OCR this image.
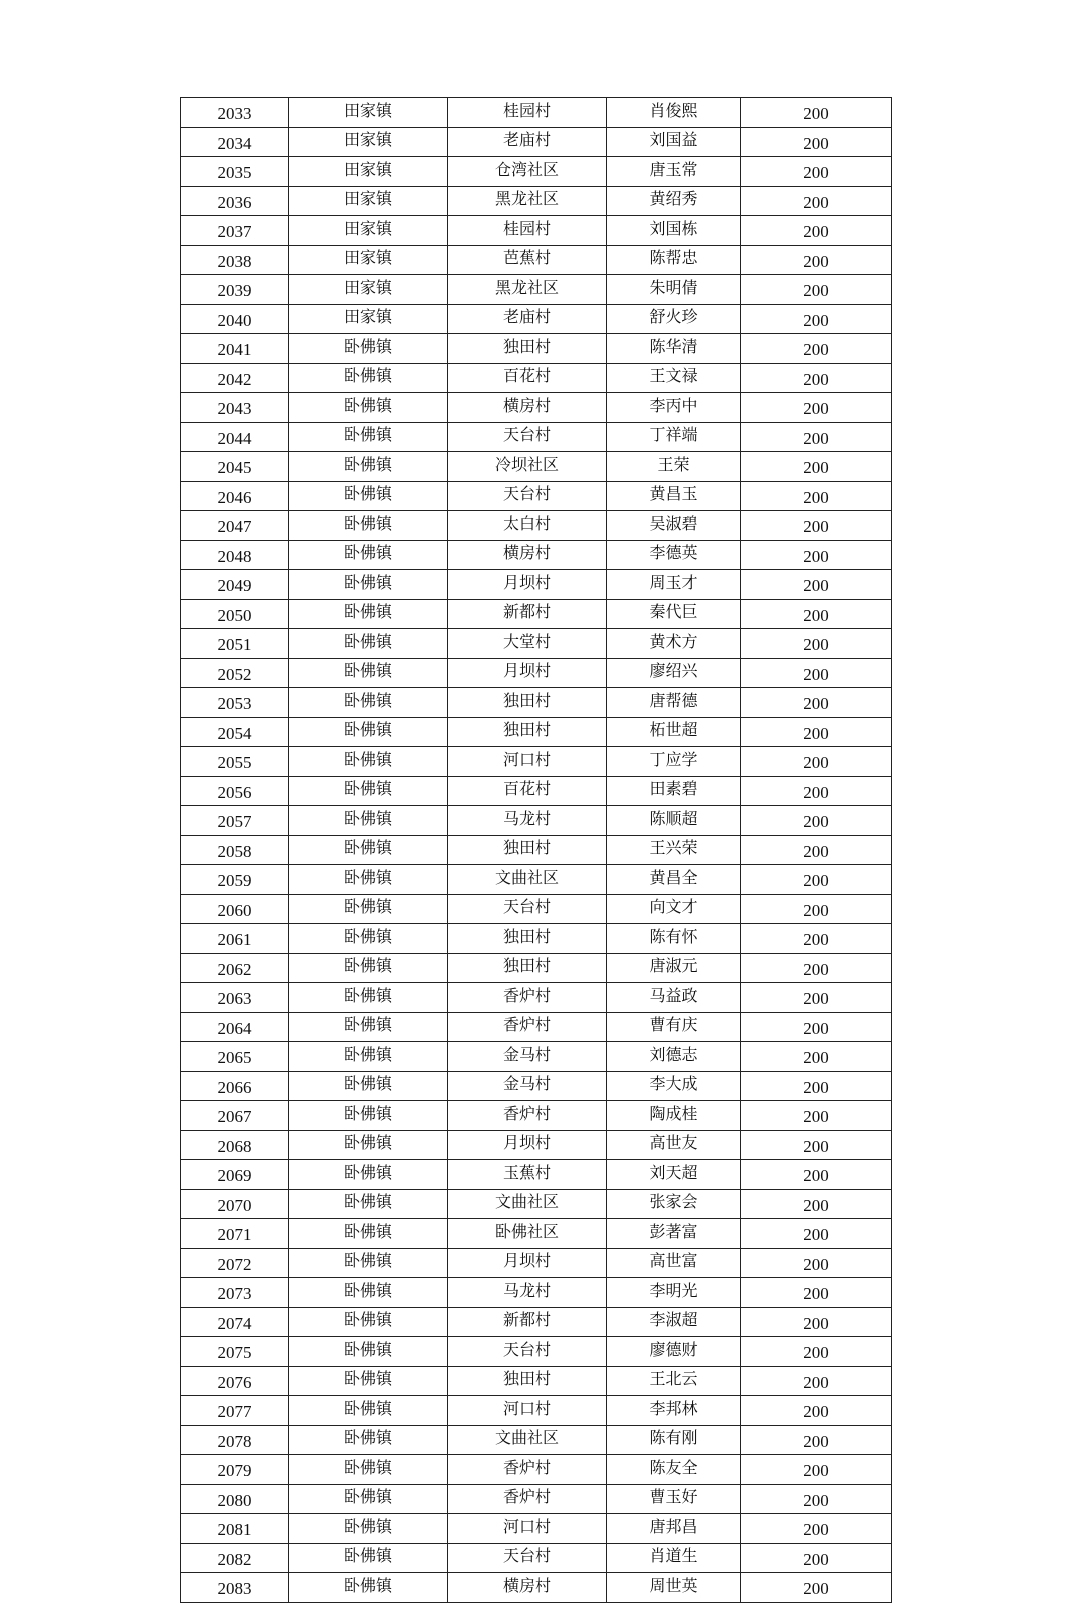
2033	田家镇	桂园村	肖俊熙	200
2034	田家镇	老庙村	刘国益	200
2035	田家镇	仓湾社区	唐玉常	200
2036	田家镇	黑龙社区	黄绍秀	200
2037	田家镇	桂园村	刘国栋	200
2038	田家镇	芭蕉村	陈帮忠	200
2039	田家镇	黑龙社区	朱明倩	200
2040	田家镇	老庙村	舒火珍	200
2041	卧佛镇	独田村	陈华清	200
2042	卧佛镇	百花村	王文禄	200
2043	卧佛镇	横房村	李丙中	200
2044	卧佛镇	天台村	丁祥端	200
2045	卧佛镇	冷坝社区	王荣	200
2046	卧佛镇	天台村	黄昌玉	200
2047	卧佛镇	太白村	吴淑碧	200
2048	卧佛镇	横房村	李德英	200
2049	卧佛镇	月坝村	周玉才	200
2050	卧佛镇	新都村	秦代巨	200
2051	卧佛镇	大堂村	黄术方	200
2052	卧佛镇	月坝村	廖绍兴	200
2053	卧佛镇	独田村	唐帮德	200
2054	卧佛镇	独田村	柘世超	200
2055	卧佛镇	河口村	丁应学	200
2056	卧佛镇	百花村	田素碧	200
2057	卧佛镇	马龙村	陈顺超	200
2058	卧佛镇	独田村	王兴荣	200
2059	卧佛镇	文曲社区	黄昌全	200
2060	卧佛镇	天台村	向文才	200
2061	卧佛镇	独田村	陈有怀	200
2062	卧佛镇	独田村	唐淑元	200
2063	卧佛镇	香炉村	马益政	200
2064	卧佛镇	香炉村	曹有庆	200
2065	卧佛镇	金马村	刘德志	200
2066	卧佛镇	金马村	李大成	200
2067	卧佛镇	香炉村	陶成桂	200
2068	卧佛镇	月坝村	高世友	200
2069	卧佛镇	玉蕉村	刘天超	200
2070	卧佛镇	文曲社区	张家会	200
2071	卧佛镇	卧佛社区	彭著富	200
2072	卧佛镇	月坝村	高世富	200
2073	卧佛镇	马龙村	李明光	200
2074	卧佛镇	新都村	李淑超	200
2075	卧佛镇	天台村	廖德财	200
2076	卧佛镇	独田村	王北云	200
2077	卧佛镇	河口村	李邦林	200
2078	卧佛镇	文曲社区	陈有刚	200
2079	卧佛镇	香炉村	陈友全	200
2080	卧佛镇	香炉村	曹玉好	200
2081	卧佛镇	河口村	唐邦昌	200
2082	卧佛镇	天台村	肖道生	200
2083	卧佛镇	横房村	周世英	200
